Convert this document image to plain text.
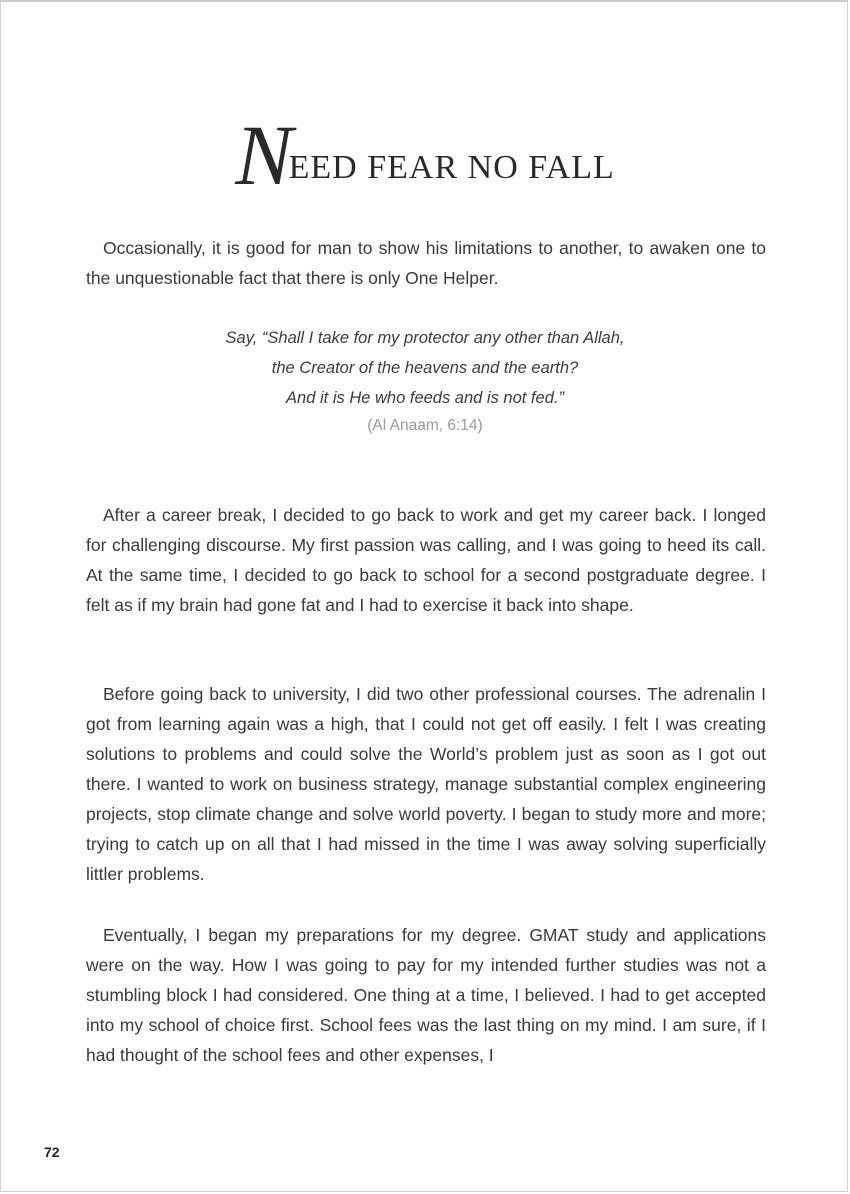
NEED FEAR NO FALL

Occasionally, it is good for man to show his limitations to another, to awaken one to the unquestionable fact that there is only One Helper.

Say, “Shall I take for my protector any other than Allah,
the Creator of the heavens and the earth?
And it is He who feeds and is not fed.”
(Al Anaam, 6:14)

After a career break, I decided to go back to work and get my career back. I longed for challenging discourse. My first passion was calling, and I was going to heed its call. At the same time, I decided to go back to school for a second postgraduate degree. I felt as if my brain had gone fat and I had to exercise it back into shape.

Before going back to university, I did two other professional courses. The adrenalin I got from learning again was a high, that I could not get off easily. I felt I was creating solutions to problems and could solve the World’s problem just as soon as I got out there. I wanted to work on business strategy, manage substantial complex engineering projects, stop climate change and solve world poverty. I began to study more and more; trying to catch up on all that I had missed in the time I was away solving superficially littler problems.

Eventually, I began my preparations for my degree. GMAT study and applications were on the way. How I was going to pay for my intended further studies was not a stumbling block I had considered. One thing at a time, I believed. I had to get accepted into my school of choice first. School fees was the last thing on my mind. I am sure, if I had thought of the school fees and other expenses, I

72
